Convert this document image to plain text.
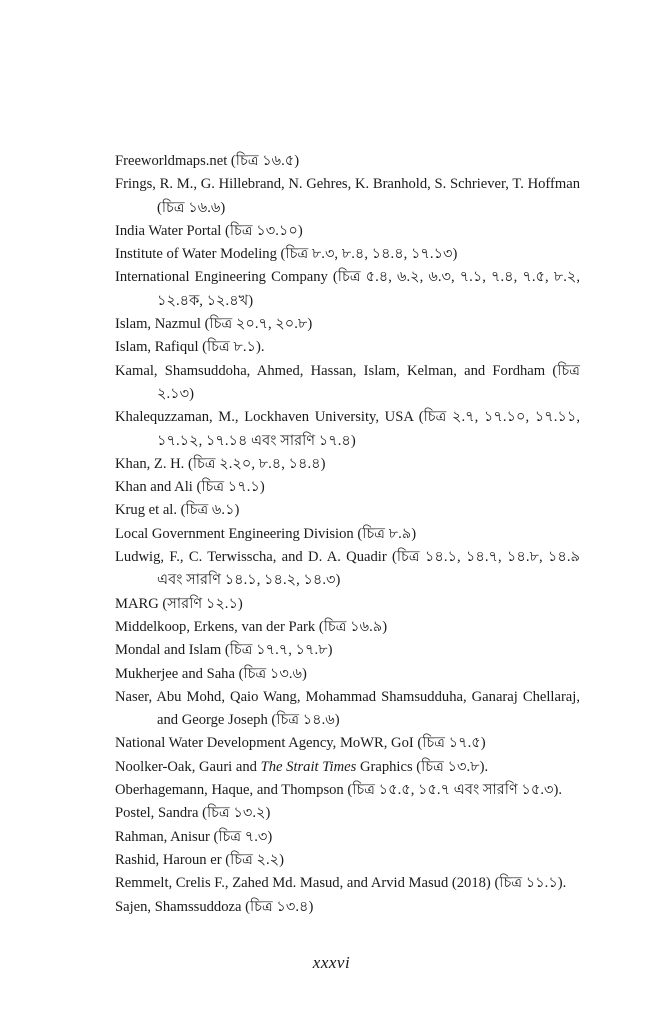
Freeworldmaps.net (চিত্র ১৬.৫)
Frings, R. M., G. Hillebrand, N. Gehres, K. Branhold, S. Schriever, T. Hoffman (চিত্র ১৬.৬)
India Water Portal (চিত্র ১৩.১০)
Institute of Water Modeling (চিত্র ৮.৩, ৮.৪, ১৪.৪, ১৭.১৩)
International Engineering Company (চিত্র ৫.৪, ৬.২, ৬.৩, ৭.১, ৭.৪, ৭.৫, ৮.২, ১২.৪ক, ১২.৪খ)
Islam, Nazmul (চিত্র ২০.৭, ২০.৮)
Islam, Rafiqul (চিত্র ৮.১).
Kamal, Shamsuddoha, Ahmed, Hassan, Islam, Kelman, and Fordham (চিত্র ২.১৩)
Khalequzzaman, M., Lockhaven University, USA (চিত্র ২.৭, ১৭.১০, ১৭.১১, ১৭.১২, ১৭.১৪ এবং সারণি ১৭.৪)
Khan, Z. H. (চিত্র ২.২০, ৮.৪, ১৪.৪)
Khan and Ali (চিত্র ১৭.১)
Krug et al. (চিত্র ৬.১)
Local Government Engineering Division (চিত্র ৮.৯)
Ludwig, F., C. Terwisscha, and D. A. Quadir (চিত্র ১৪.১, ১৪.৭, ১৪.৮, ১৪.৯ এবং সারণি ১৪.১, ১৪.২, ১৪.৩)
MARG (সারণি ১২.১)
Middelkoop, Erkens, van der Park (চিত্র ১৬.৯)
Mondal and Islam (চিত্র ১৭.৭, ১৭.৮)
Mukherjee and Saha (চিত্র ১৩.৬)
Naser, Abu Mohd, Qaio Wang, Mohammad Shamsudduha, Ganaraj Chellaraj, and George Joseph (চিত্র ১৪.৬)
National Water Development Agency, MoWR, GoI (চিত্র ১৭.৫)
Noolker-Oak, Gauri and The Strait Times Graphics (চিত্র ১৩.৮).
Oberhagemann, Haque, and Thompson (চিত্র ১৫.৫, ১৫.৭ এবং সারণি ১৫.৩).
Postel, Sandra (চিত্র ১৩.২)
Rahman, Anisur (চিত্র ৭.৩)
Rashid, Haroun er (চিত্র ২.২)
Remmelt, Crelis F., Zahed Md. Masud, and Arvid Masud (2018) (চিত্র ১১.১).
Sajen, Shamssuddoza (চিত্র ১৩.৪)
xxxvi
